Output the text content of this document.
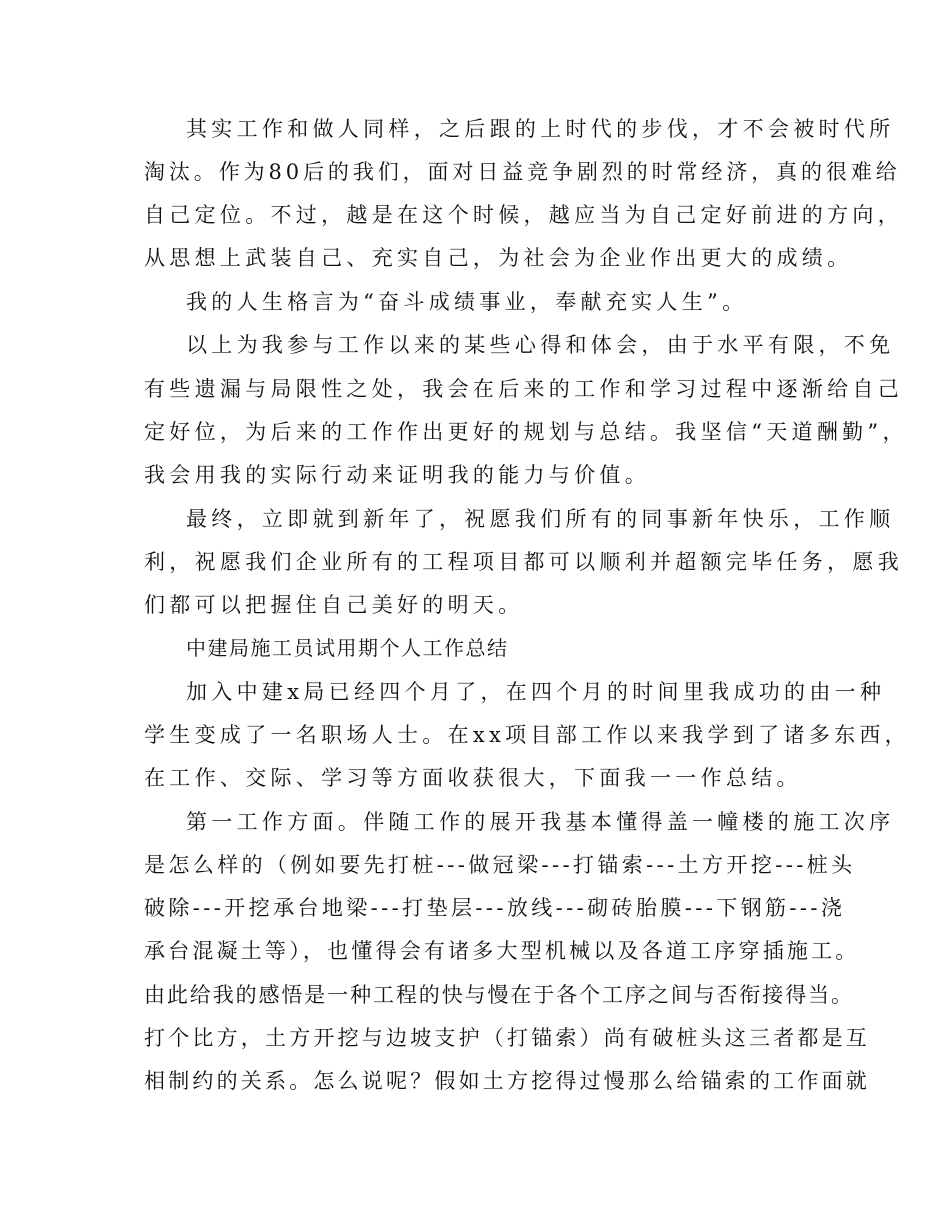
其实工作和做人同样，之后跟的上时代的步伐，才不会被时代所

淘汰。作为80后的我们，面对日益竞争剧烈的时常经济，真的很难给

自己定位。不过，越是在这个时候，越应当为自己定好前进的方向，

从思想上武装自己、充实自己，为社会为企业作出更大的成绩。

我的人生格言为“奋斗成绩事业，奉献充实人生”。

以上为我参与工作以来的某些心得和体会，由于水平有限，不免

有些遗漏与局限性之处，我会在后来的工作和学习过程中逐渐给自己

定好位，为后来的工作作出更好的规划与总结。我坚信“天道酬勤”，

我会用我的实际行动来证明我的能力与价值。

最终，立即就到新年了，祝愿我们所有的同事新年快乐，工作顺

利，祝愿我们企业所有的工程项目都可以顺利并超额完毕任务，愿我

们都可以把握住自己美好的明天。

中建局施工员试用期个人工作总结

加入中建x局已经四个月了，在四个月的时间里我成功的由一种

学生变成了一名职场人士。在xx项目部工作以来我学到了诸多东西，

在工作、交际、学习等方面收获很大，下面我一一作总结。

第一工作方面。伴随工作的展开我基本懂得盖一幢楼的施工次序

是怎么样的（例如要先打桩---做冠梁---打锚索---土方开挖---桩头

破除---开挖承台地梁---打垫层---放线---砌砖胎膜---下钢筋---浇

承台混凝土等），也懂得会有诸多大型机械以及各道工序穿插施工。

由此给我的感悟是一种工程的快与慢在于各个工序之间与否衔接得当。

打个比方，土方开挖与边坡支护（打锚索）尚有破桩头这三者都是互

相制约的关系。怎么说呢？假如土方挖得过慢那么给锚索的工作面就
